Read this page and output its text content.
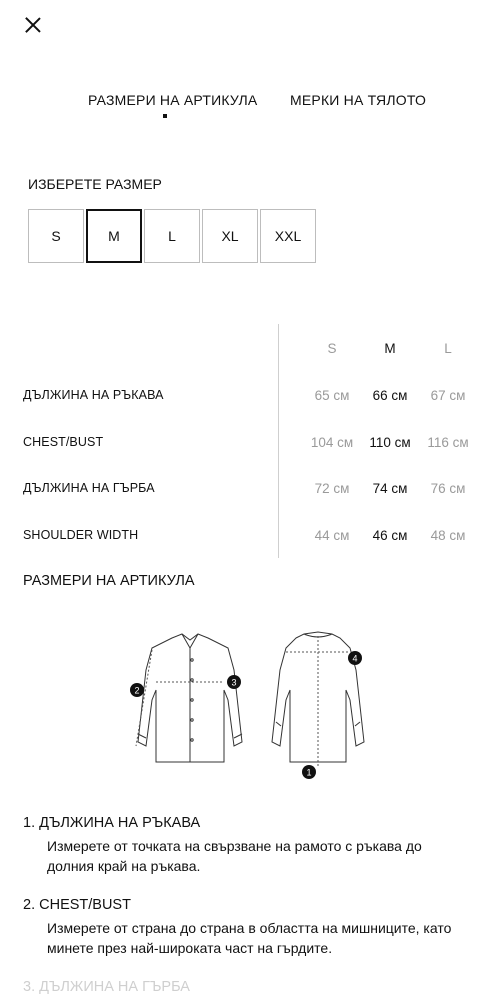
РАЗМЕРИ НА АРТИКУЛА МЕРКИ НА ТЯЛОТО
ИЗБЕРЕТЕ РАЗМЕР
S	M	L	XL	XXL
S	M	L
ДЪЛЖИНА НА РЪКАВА	65 см	66 см	67 см
CHEST/BUST	104 см	110 см	116 см
ДЪЛЖИНА НА ГЪРБА	72 см	74 см	76 см
SHOULDER WIDTH	44 см	46 см	48 см
РАЗМЕРИ НА АРТИКУЛА
2
3
4
1
1. ДЪЛЖИНА НА РЪКАВА
Измерете от точката на свързване на рамото с ръкава до
долния край на ръкава.
2. CHEST/BUST
Измерете от страна до страна в областта на мишниците, като
минете през най-широката част на гърдите.
3. ДЪЛЖИНА НА ГЪРБА
